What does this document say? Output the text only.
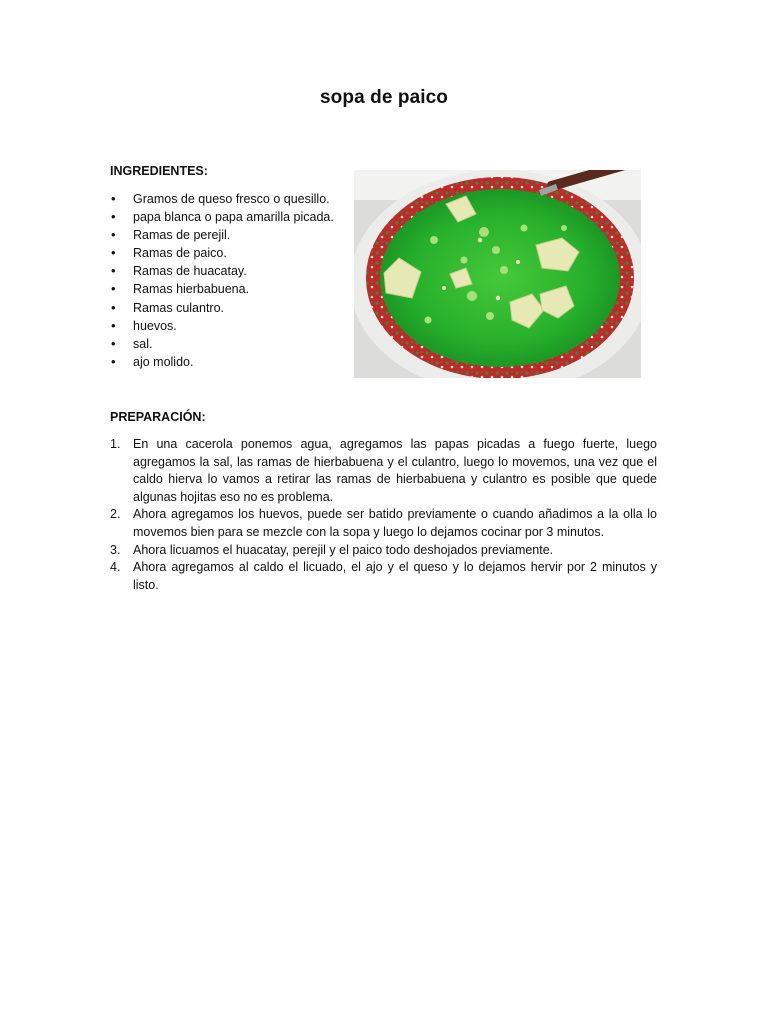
sopa de paico
INGREDIENTES:
• Gramos de queso fresco o quesillo.
• papa blanca o papa amarilla picada.
• Ramas de perejil.
• Ramas de paico.
• Ramas de huacatay.
• Ramas hierbabuena.
• Ramas culantro.
• huevos.
• sal.
• ajo molido.
PREPARACIÓN:
1. En una cacerola ponemos agua, agregamos las papas picadas a fuego fuerte, luego agregamos la sal, las ramas de hierbabuena y el culantro, luego lo movemos, una vez que el caldo hierva lo vamos a retirar las ramas de hierbabuena y culantro es posible que quede algunas hojitas eso no es problema.
2. Ahora agregamos los huevos, puede ser batido previamente o cuando añadimos a la olla lo movemos bien para se mezcle con la sopa y luego lo dejamos cocinar por 3 minutos.
3. Ahora licuamos el huacatay, perejil y el paico todo deshojados previamente.
4. Ahora agregamos al caldo el licuado, el ajo y el queso y lo dejamos hervir por 2 minutos y listo.
